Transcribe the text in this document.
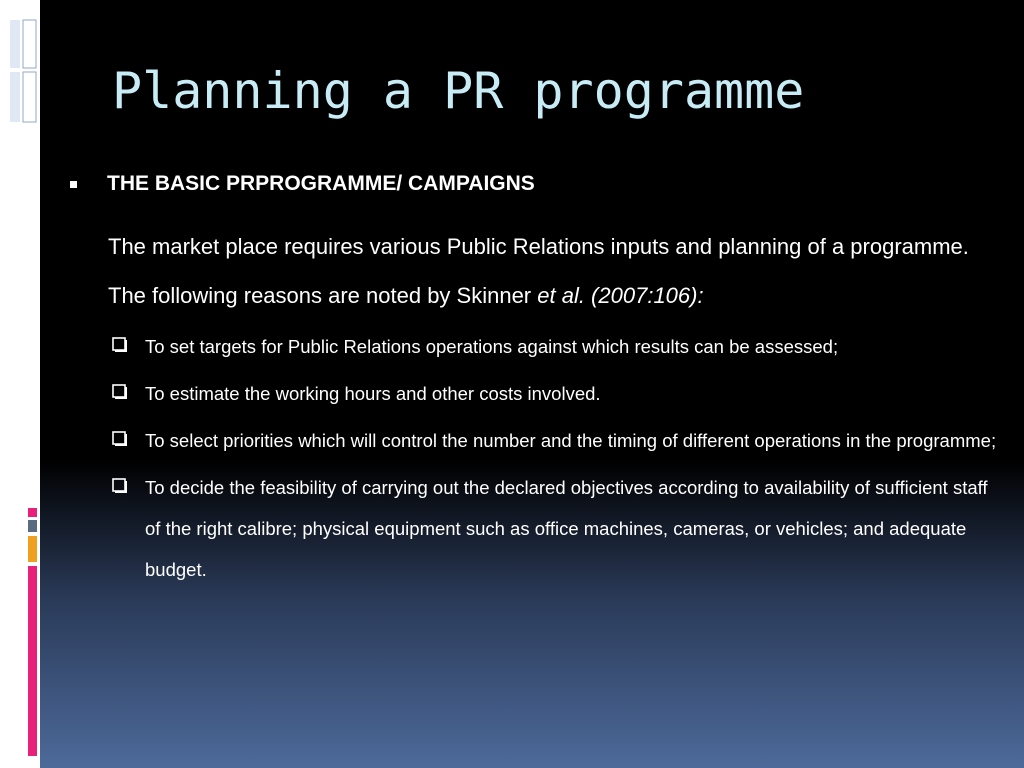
Planning a PR programme
THE BASIC PRPROGRAMME/ CAMPAIGNS

The market place requires various Public Relations inputs and planning of a programme. The following reasons are noted by Skinner et al. (2007:106):

To set targets for Public Relations operations against which results can be assessed;
To estimate the working hours and other costs involved.
To select priorities which will control the number and the timing of different operations in the programme;
To decide the feasibility of carrying out the declared objectives according to availability of sufficient staff of the right calibre; physical equipment such as office machines, cameras, or vehicles; and adequate budget.
